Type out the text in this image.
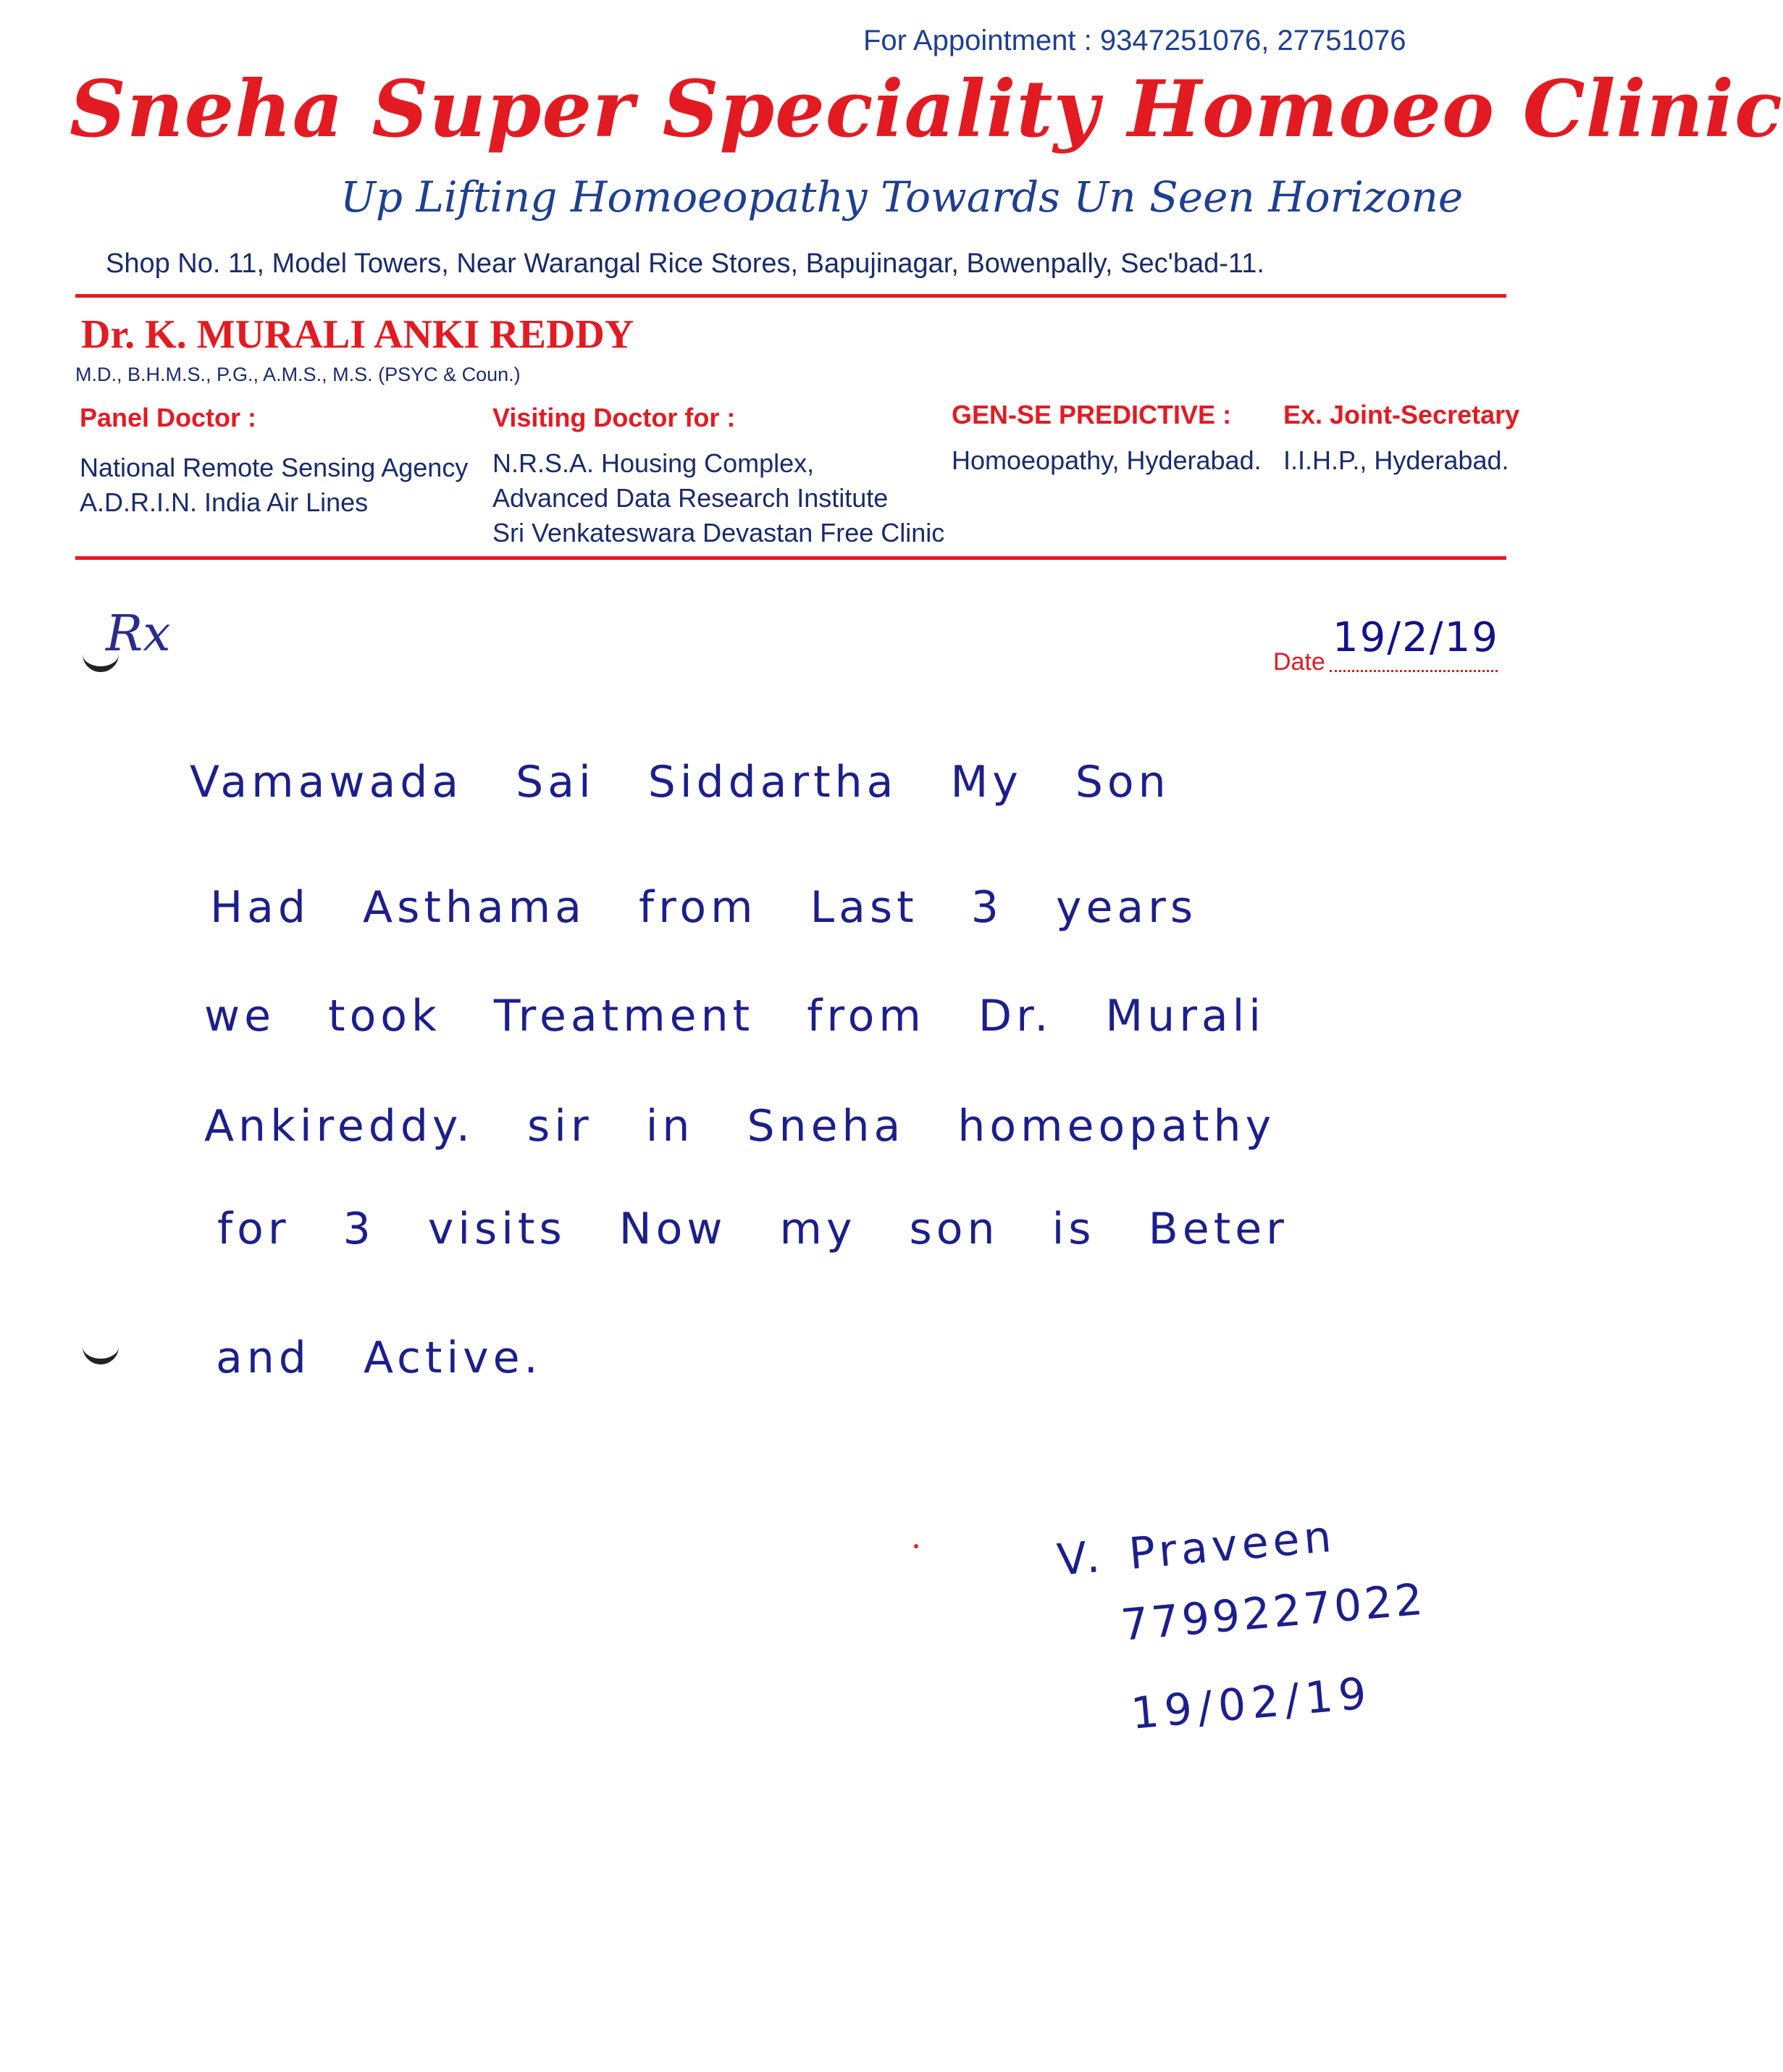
For Appointment : 9347251076, 27751076
Sneha Super Speciality Homoeo Clinic
Up Lifting Homoeopathy Towards Un Seen Horizone
Shop No. 11, Model Towers, Near Warangal Rice Stores, Bapujinagar, Bowenpally, Sec'bad-11.
Dr. K. MURALI ANKI REDDY
M.D., B.H.M.S., P.G., A.M.S., M.S. (PSYC & Coun.)
Panel Doctor :
National Remote Sensing Agency
A.D.R.I.N. India Air Lines
Visiting Doctor for :
N.R.S.A. Housing Complex,
Advanced Data Research Institute
Sri Venkateswara Devastan Free Clinic
GEN-SE PREDICTIVE :
Homoeopathy, Hyderabad.
Ex. Joint-Secretary
I.I.H.P., Hyderabad.
Rx	Date
19/2/19
Vamawada Sai Siddartha My Son
Had Asthama from Last 3 years
we took Treatment from Dr. Murali
Ankireddy. sir in Sneha homeopathy
for 3 visits Now my son is Beter
and Active.
V. Praveen
7799227022
19/02/19
